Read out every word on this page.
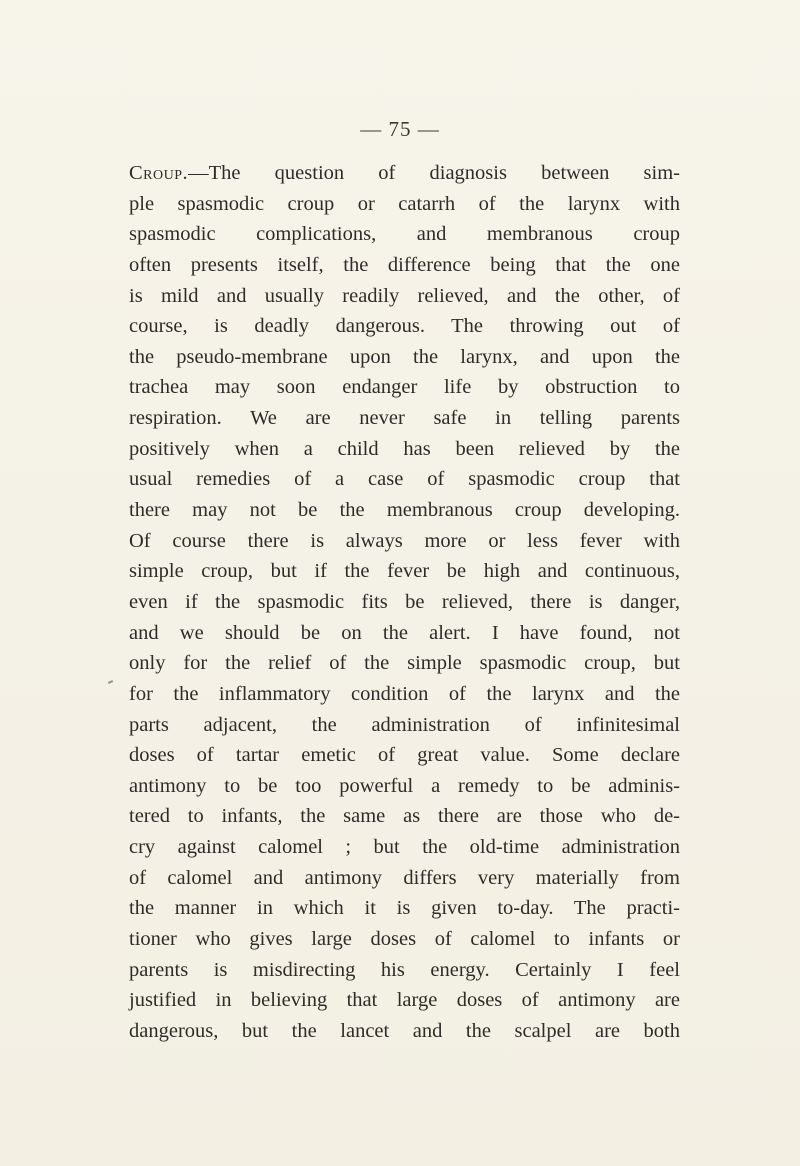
— 75 —
Croup.—The question of diagnosis between sim-
ple spasmodic croup or catarrh of the larynx with
spasmodic complications, and membranous croup
often presents itself, the difference being that the one
is mild and usually readily relieved, and the other, of
course, is deadly dangerous. The throwing out of
the pseudo-membrane upon the larynx, and upon the
trachea may soon endanger life by obstruction to
respiration. We are never safe in telling parents
positively when a child has been relieved by the
usual remedies of a case of spasmodic croup that
there may not be the membranous croup developing.
Of course there is always more or less fever with
simple croup, but if the fever be high and continuous,
even if the spasmodic fits be relieved, there is danger,
and we should be on the alert. I have found, not
only for the relief of the simple spasmodic croup, but
for the inflammatory condition of the larynx and the
parts adjacent, the administration of infinitesimal
doses of tartar emetic of great value. Some declare
antimony to be too powerful a remedy to be adminis-
tered to infants, the same as there are those who de-
cry against calomel ; but the old-time administration
of calomel and antimony differs very materially from
the manner in which it is given to-day. The practi-
tioner who gives large doses of calomel to infants or
parents is misdirecting his energy. Certainly I feel
justified in believing that large doses of antimony are
dangerous, but the lancet and the scalpel are both
